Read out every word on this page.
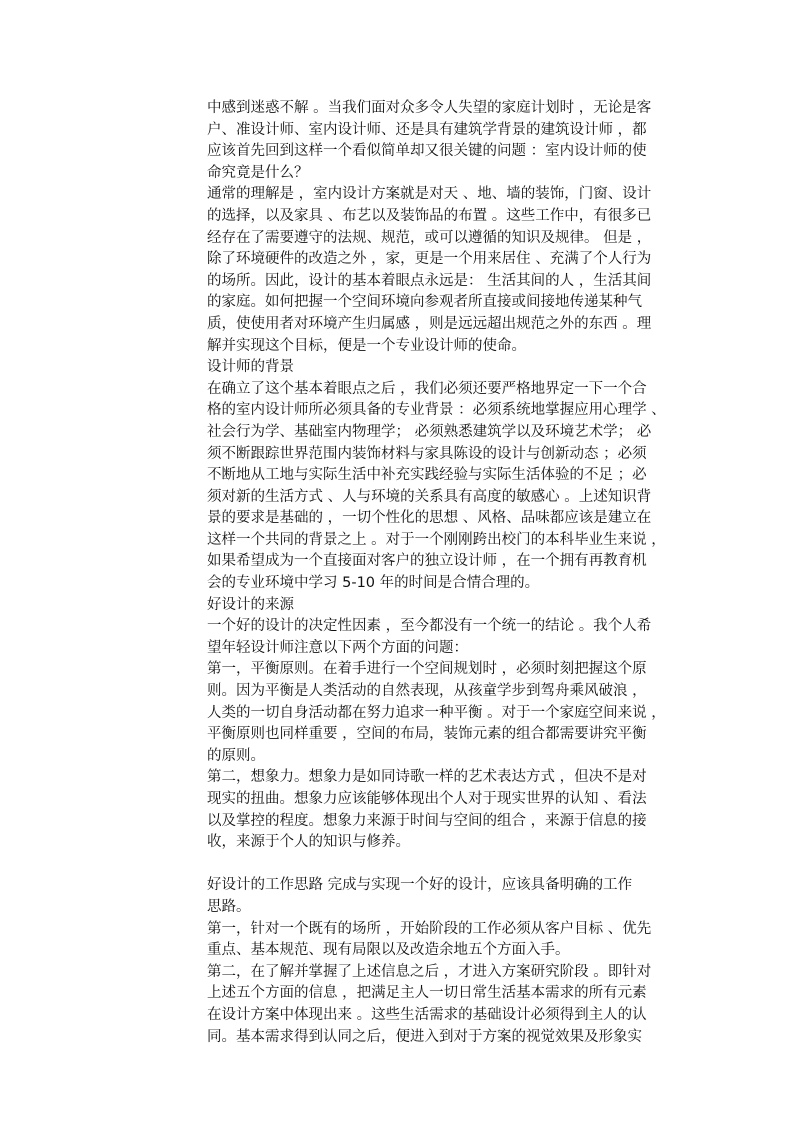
中感到迷惑不解 。当我们面对众多令人失望的家庭计划时 ，无论是客
户、准设计师、室内设计师、还是具有建筑学背景的建筑设计师 ，都
应该首先回到这样一个看似简单却又很关键的问题 ：室内设计师的使
命究竟是什么？
通常的理解是 ，室内设计方案就是对天 、地、墙的装饰，门窗、设计
的选择，以及家具 、布艺以及装饰品的布置 。这些工作中，有很多已
经存在了需要遵守的法规、规范，或可以遵循的知识及规律。 但是 ，
除了环境硬件的改造之外 ，家，更是一个用来居住 、充满了个人行为
的场所。因此，设计的基本着眼点永远是： 生活其间的人 ，生活其间
的家庭。如何把握一个空间环境向参观者所直接或间接地传递某种气
质，使使用者对环境产生归属感 ，则是远远超出规范之外的东西 。理
解并实现这个目标，便是一个专业设计师的使命。
设计师的背景
在确立了这个基本着眼点之后 ，我们必须还要严格地界定一下一个合
格的室内设计师所必须具备的专业背景 ：必须系统地掌握应用心理学 、
社会行为学、基础室内物理学； 必须熟悉建筑学以及环境艺术学； 必
须不断跟踪世界范围内装饰材料与家具陈设的设计与创新动态 ；必须
不断地从工地与实际生活中补充实践经验与实际生活体验的不足 ；必
须对新的生活方式 、人与环境的关系具有高度的敏感心 。上述知识背
景的要求是基础的 ，一切个性化的思想 、风格、品味都应该是建立在
这样一个共同的背景之上 。对于一个刚刚跨出校门的本科毕业生来说 ，
如果希望成为一个直接面对客户的独立设计师 ，在一个拥有再教育机
会的专业环境中学习 5-10 年的时间是合情合理的。
好设计的来源
一个好的设计的决定性因素 ，至今都没有一个统一的结论 。我个人希
望年轻设计师注意以下两个方面的问题：
第一，平衡原则。在着手进行一个空间规划时 ，必须时刻把握这个原
则。因为平衡是人类活动的自然表现，从孩童学步到驾舟乘风破浪 ，
人类的一切自身活动都在努力追求一种平衡 。对于一个家庭空间来说 ，
平衡原则也同样重要 ，空间的布局，装饰元素的组合都需要讲究平衡
的原则。
第二，想象力。想象力是如同诗歌一样的艺术表达方式 ，但决不是对
现实的扭曲。想象力应该能够体现出个人对于现实世界的认知 、看法
以及掌控的程度。想象力来源于时间与空间的组合 ，来源于信息的接
收，来源于个人的知识与修养。
好设计的工作思路 完成与实现一个好的设计，应该具备明确的工作
思路。
第一，针对一个既有的场所 ，开始阶段的工作必须从客户目标 、优先
重点、基本规范、现有局限以及改造余地五个方面入手。
第二，在了解并掌握了上述信息之后 ，才进入方案研究阶段 。即针对
上述五个方面的信息 ，把满足主人一切日常生活基本需求的所有元素
在设计方案中体现出来 。这些生活需求的基础设计必须得到主人的认
同。基本需求得到认同之后，便进入到对于方案的视觉效果及形象实
